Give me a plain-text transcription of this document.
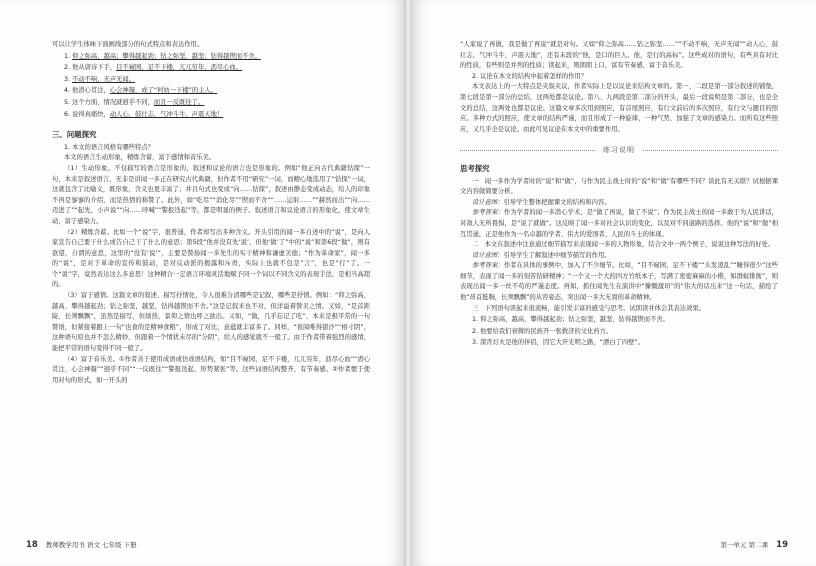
可以让学生体味下面画线部分的句式特点和表达作用。

1. 仰之弥高，越高；攀得越起劲；钻之弥坚，越坚；钻得越锲而不舍。
2. 他从唐诗下手，目不窥园，足不下楼，兀兀穷年，沥尽心血。
3. 不动不响，无声无闻。
4. 他潜心贯注，心会神凝，成了“何妨一下楼”的主人。
5. 这个方面，情况就迥乎不同，而且一反既往了。
6. 说得真痛快，动人心，鼓壮志，气冲斗牛，声震天地！
三、问题探究

1. 本文的语言风格有哪些特点？

本文的语言生动形象，精炼含蓄，富于感情和音乐美。

（1）生动形象。不仅描写的语言是形象的，叙述和议论的语言也是形象的。例如“他正向古代典籍钻探”一句，本来是叙述语言，无非是讲闻一多正在研究古代典籍，但作者不用“研究”一词，而精心地选用了“钻探”一词，这就包含了比喻义，既形象，含义也更丰富了；并且句式也变成“向……钻探”，叙述由静态变成动态，给人的印象不再是寥寥的介绍，而是热情的称赞了。此外，如“吃尽”“消化尽”“锲而不舍”“……运射……”“赫然而出”“向……迈进了”“起先，小声说”“向……呼喊”“警报迭起”等，都是明显的例子。叙述语言和议论语言的形象化，使文章生动，富于感染力。

（2）精炼含蓄。比如一个“说”字，很普通，作者却写出多种含义。开头引用的闻一多自述中的“说”，是向人家宣告自己要干什么或告自己干了什么的意思；第5段“他并没有先‘说’，但他‘做’了”中的“说”和第6段“做”，则有欲望，自谓的意思，这里的“没有‘说’”，主要是赞扬闻一多先生的实干精神和谦虚美德；“作为革命家”，闻一多的“说”，是对于革命的宣传和鼓动，是对反动派的揭露和斥责，实际上也就不包是“言”，也是“行”了。一个“说”字，竟然表达这么多意思！这种精合一定语言环境灵活地赋予同一个词以不同含义的表现手法，是相当高超的。

（3）富于感情。这篇文章的叙述、描写抒情化，令人很难分清哪些是记叙，哪些是抒情。例如：“仰之弥高，越高，攀得越起劲；钻之弥坚，越坚，钻得越锲而不舍。”这是记叙来也不对，但洋溢着赞美之情。又如，“是首距陡，长须飘飘”，虽然是描写，但烦热，景仰之情也呼之欲出。又如，“做，几乎忘记了吃”，本来是极平常的一句赞语，但紧接着跟上一句“也食的是精神食粮”，形成了对比，意蕴就丰富多了。同样，“夜阅唯得银沙”“榕寸阴”，这种语句原也并不怎么精妙，但跟着一个情犹未尽的“分阴”，给人的感觉就不一般了。由于作者带着强烈的感情，能把平常的语句变得不同一般了。

（4）富于音乐美。①作者善于使用成语或仿成语结构，如“目不窥园，足不下楼，兀兀穷年，沥尽心血”“潜心贯注，心会神凝”“迥乎不同”“一反既往”“警报迭起，形势紧张”等。这些词语结构整齐，有节奏感。②作者惯于使用对句的形式，如一开头的

18 教师教学用书 语文 七年级 下册

“人家说了再做，我是做了再说”就是对句。又如“仰之弥高……钻之弥坚……”“不动不响，无声无闻”“动人心，鼓壮志，气冲斗牛，声震天地”，还有末段的“他，是口的巨人。他，是行的高标”。这些成对的语句，有些具有对比的性质，有些则是并列的性质；读起来，则朗朗上口，富有节奏感，富于音乐美。

2. 议论在本文的结构中起着怎样的作用？

本文表达上的一大特点是夹叙夹议，作者实际上是以议论来结构文章的。第一、二段是第一部分叙述的铺垫，第七段是第一部分的总结，这两处都是议论。第八、九两段是第二部分的开头，最后一段说明是第二部分，也是全文的总结，这两处也都是议论。这篇文章多次用到照应，有首尾照应，有行文前后的多次照应，有行文与题目的照应。多种方式的照应，使文章的结构严谨，而且形成了一种旋律，一种气势，加强了文章的感染力。而所有这些照应，又几乎全是议论。由此可见议论在本文中的重要作用。

练习说明
思考探究

一　闻一多作为学者时的“说”和“做”，与作为民主战士时的“说”和“做”有哪些不同？谈此有无关联？试根据课文内容做简要分析。

设计意图：引导学生整体把握课文的结构和内容。

参考答案：作为学者的闻一多潜心学术，是“做了再说，做了不说”；作为民主战士的闻一多敢于为人民讲话，对敌人无所畏惧，是“说了就做”。这反映了闻一多对社会认识的变化，以及对不同道路的选择。他的“说”和“做”相互贯通，正是他作为一名卓越的学者、伟大的爱国者、人民的斗士的体现。

二　本文在叙述中注意通过细节描写来表现闻一多的人物形象，结合文中一两个例子，说说这种写法的好处。

设计意图：引导学生了解叙述中细节描写的作用。

参考答案：作者在具体的事例中，加入了不少细节。比如，“目不窥园，足不下楼”“头发凌乱”“睡得很少”这些细节，表现了闻一多的刻苦钻研精神；“一个又一个大的四方竹纸本子，写满了密密麻麻的小楷，如群蚁排衙”，则表现出闻一多一丝不苟的严谨态度。再如，抓住闻先生在演讲中“慷慨激昂”的“伟大的话出来”这一句话，描绘了他“昂首挺胸，长须飘飘”的从容姿态，突出闻一多大无畏的革命精神。

三　下列语句读起来很流畅，能引发丰富的感受与思考。试朗读并体会其表达效果。

1. 仰之弥高，越高，攀得越起劲；钻之弥坚，越坚，钻得越锲而不舍。
2. 他要给我们衰微的民族开一张救济的文化药方。
3. 深宵灯火是他的伴侣，因它大开光明之路，“漂白了四壁”。
第一单元 第二课 19
